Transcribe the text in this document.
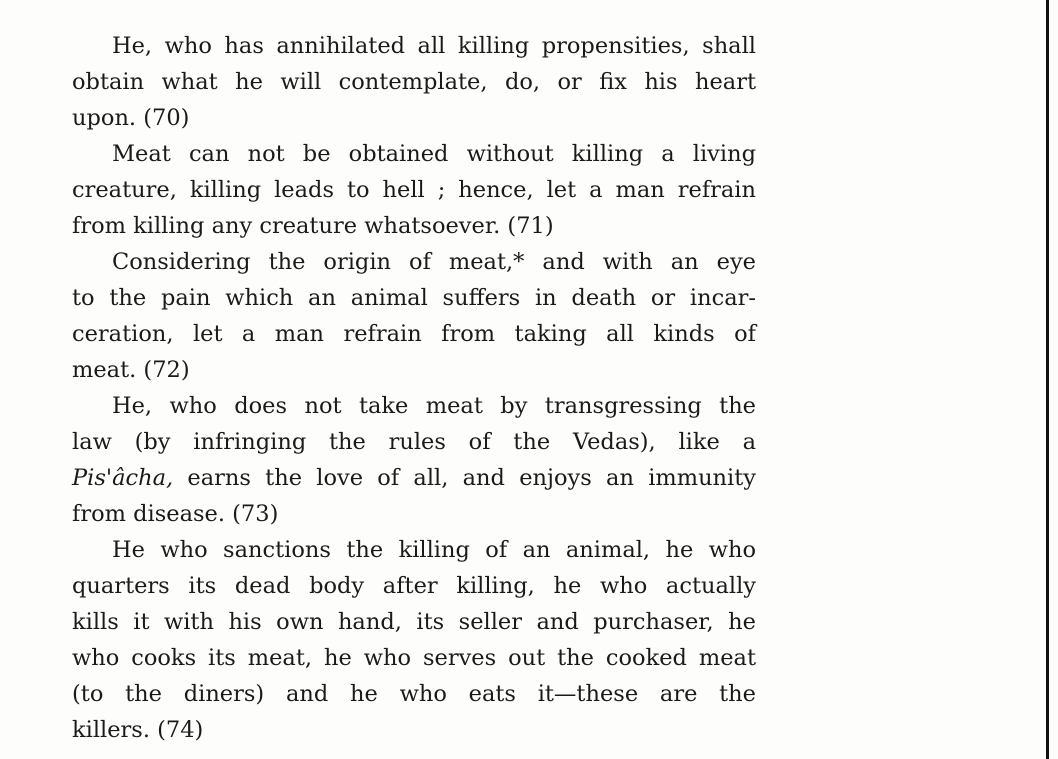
He, who has annihilated all killing propensities, shall
obtain what he will contemplate, do, or fix his heart
upon. (70)
Meat can not be obtained without killing a living
creature, killing leads to hell ; hence, let a man refrain
from killing any creature whatsoever. (71)
Considering the origin of meat,* and with an eye
to the pain which an animal suffers in death or incar-
ceration, let a man refrain from taking all kinds of
meat. (72)
He, who does not take meat by transgressing the
law (by infringing the rules of the Vedas), like a
Pis'âcha, earns the love of all, and enjoys an immunity
from disease. (73)
He who sanctions the killing of an animal, he who
quarters its dead body after killing, he who actually
kills it with his own hand, its seller and purchaser, he
who cooks its meat, he who serves out the cooked meat
(to the diners) and he who eats it—these are the
killers. (74)
